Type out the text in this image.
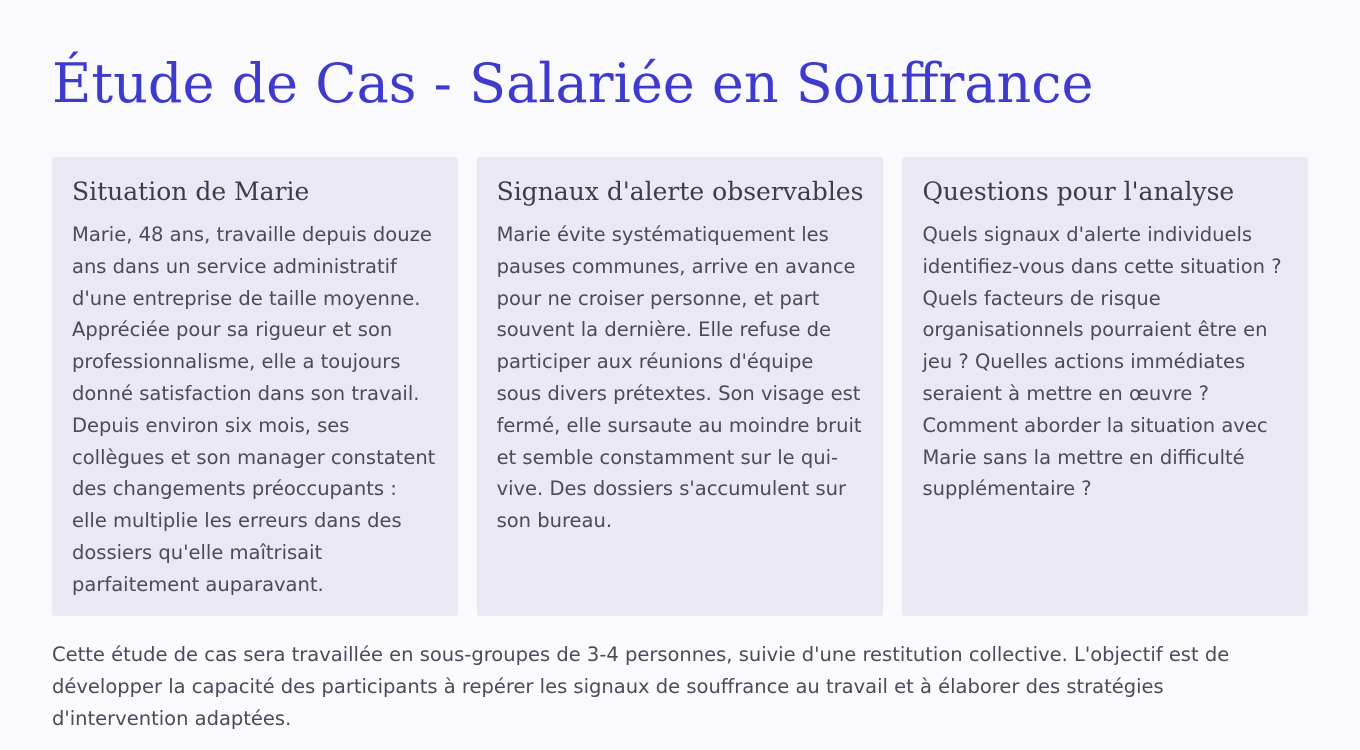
Étude de Cas - Salariée en Souffrance
Situation de Marie

Marie, 48 ans, travaille depuis douze ans dans un service administratif d'une entreprise de taille moyenne. Appréciée pour sa rigueur et son professionnalisme, elle a toujours donné satisfaction dans son travail. Depuis environ six mois, ses collègues et son manager constatent des changements préoccupants : elle multiplie les erreurs dans des dossiers qu'elle maîtrisait parfaitement auparavant.

Signaux d'alerte observables

Marie évite systématiquement les pauses communes, arrive en avance pour ne croiser personne, et part souvent la dernière. Elle refuse de participer aux réunions d'équipe sous divers prétextes. Son visage est fermé, elle sursaute au moindre bruit et semble constamment sur le qui-vive. Des dossiers s'accumulent sur son bureau.

Questions pour l'analyse

Quels signaux d'alerte individuels identifiez-vous dans cette situation ? Quels facteurs de risque organisationnels pourraient être en jeu ? Quelles actions immédiates seraient à mettre en œuvre ? Comment aborder la situation avec Marie sans la mettre en difficulté supplémentaire ?

Cette étude de cas sera travaillée en sous-groupes de 3-4 personnes, suivie d'une restitution collective. L'objectif est de développer la capacité des participants à repérer les signaux de souffrance au travail et à élaborer des stratégies d'intervention adaptées.
